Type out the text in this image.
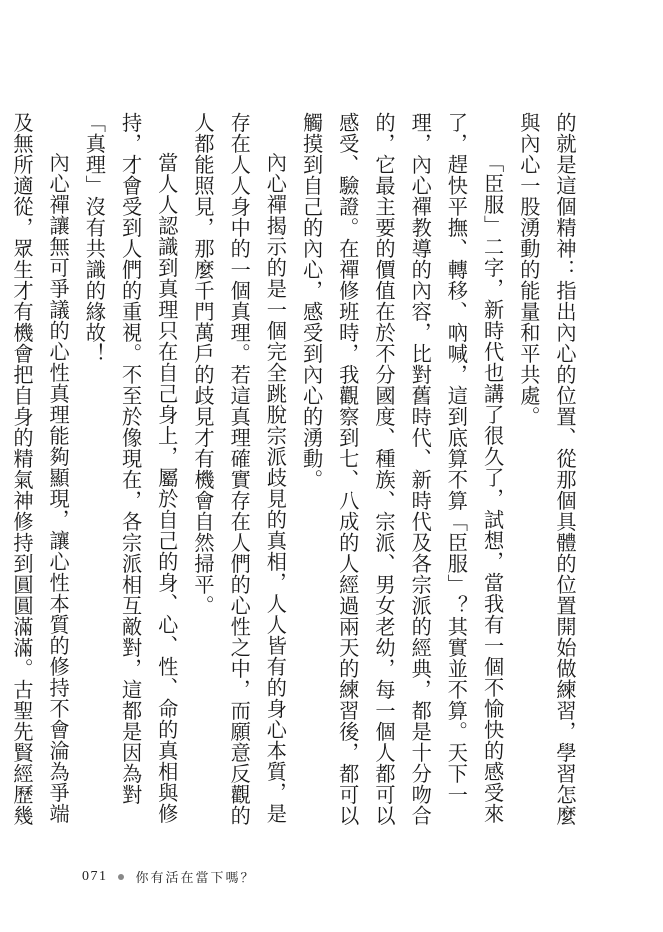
的就是這個精神：指出內心的位置、從那個具體的位置開始做練習，學習怎麼與內心一股湧動的能量和平共處。

「臣服」二字，新時代也講了很久了，試想，當我有一個不愉快的感受來了，趕快平撫、轉移、吶喊，這到底算不算「臣服」？其實並不算。天下一理，內心禪教導的內容，比對舊時代、新時代及各宗派的經典，都是十分吻合的，它最主要的價值在於不分國度、種族、宗派、男女老幼，每一個人都可以感受、驗證。在禪修班時，我觀察到七、八成的人經過兩天的練習後，都可以觸摸到自己的內心，感受到內心的湧動。

內心禪揭示的是一個完全跳脫宗派歧見的真相，人人皆有的身心本質，是存在人人身中的一個真理。若這真理確實存在人們的心性之中，而願意反觀的人都能照見，那麼千門萬戶的歧見才有機會自然掃平。

當人人認識到真理只在自己身上，屬於自己的身、心、性、命的真相與修持，才會受到人們的重視。不至於像現在，各宗派相互敵對，這都是因為對「真理」沒有共識的緣故！

內心禪讓無可爭議的心性真理能夠顯現，讓心性本質的修持不會淪為爭端及無所適從，眾生才有機會把自身的精氣神修持到圓圓滿滿。古聖先賢經歷幾

071 你有活在當下嗎？
